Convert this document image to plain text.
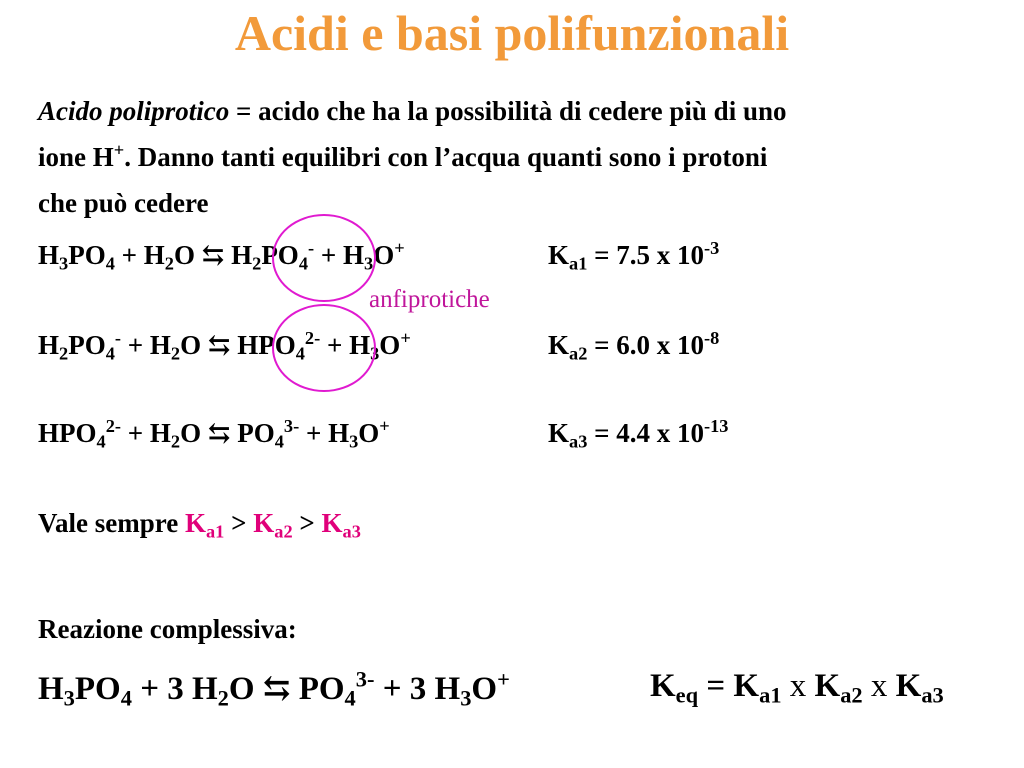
Acidi e basi polifunzionali
Acido poliprotico = acido che ha la possibilità di cedere più di uno
ione H+. Danno tanti equilibri con l’acqua quanti sono i protoni
che può cedere
$H_3PO_4 + H_2O$ ⇆ $H_2PO_4^- + H_3O^+$	$K_{a1} = 7.5$ x $10^{-3}$
anfiprotiche
$H_2PO_4^- + H_2O$ ⇆ $HPO_4^{2-} + H_3O^+$	$K_{a2} = 6.0$ x $10^{-8}$
$HPO_4^{2-} + H_2O$ ⇆ $PO_4^{3-} + H_3O^+$	$K_{a3} = 4.4$ x $10^{-13}$
Vale sempre $K_{a1} > K_{a2} > K_{a3}$
Reazione complessiva:
$H_3PO_4 + 3$ $H_2O$ ⇆ $PO_4^{3-} + 3$ $H_3O^+$	$K_{eq} = K_{a1}$ x $K_{a2}$ x $K_{a3}$
